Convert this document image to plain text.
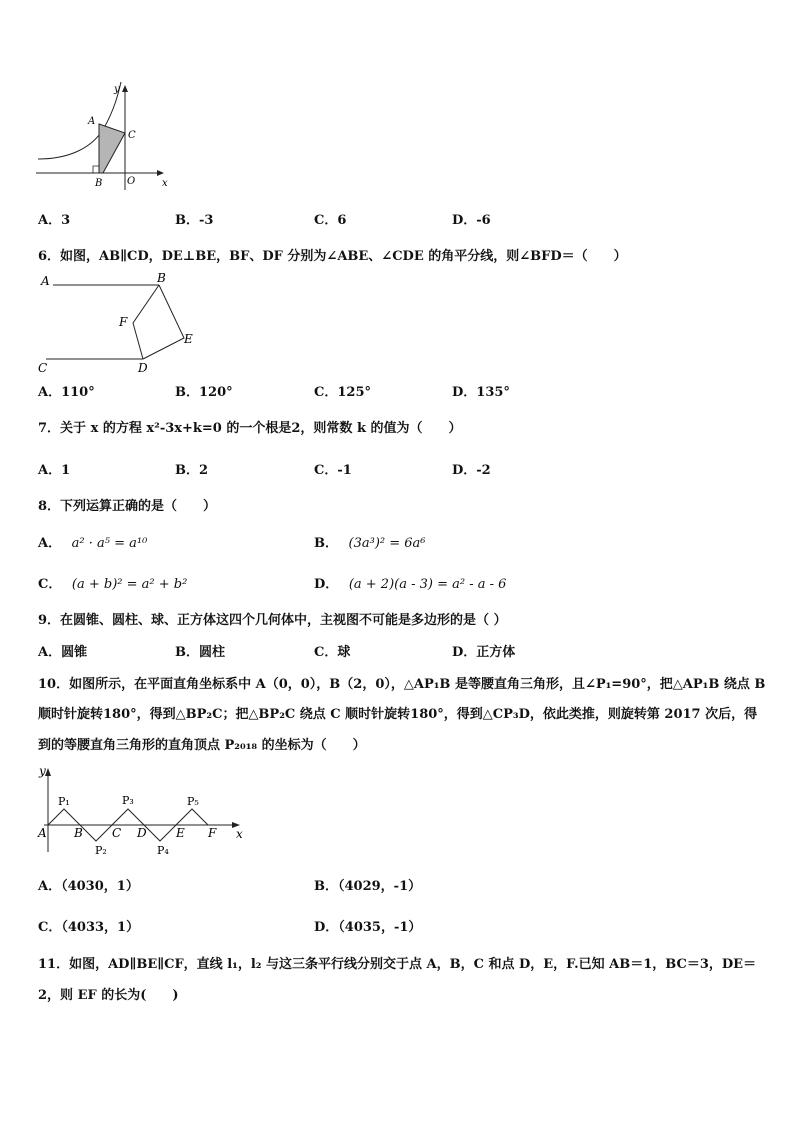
y
x
A
B
C
O
A．3	B．-3	C．6	D．-6
6．如图，AB∥CD，DE⊥BE，BF、DF 分别为∠ABE、∠CDE 的角平分线，则∠BFD＝（　　）
A	B
C	D
E
F
A．110°	B．120°	C．125°	D．135°
7．关于 x 的方程 x²-3x+k=0 的一个根是2，则常数 k 的值为（　　）
A．1	B．2	C．-1	D．-2
8．下列运算正确的是（　　）
A． a² · a⁵ = a¹⁰	B． (3a³)² = 6a⁶
C． (a + b)² = a² + b²	D． (a + 2)(a - 3) = a² - a - 6
9．在圆锥、圆柱、球、正方体这四个几何体中，主视图不可能是多边形的是（ ）
A．圆锥	B．圆柱	C．球	D．正方体
10．如图所示，在平面直角坐标系中 A（0，0），B（2，0），△AP₁B 是等腰直角三角形，且∠P₁=90°，把△AP₁B 绕点 B
顺时针旋转180°，得到△BP₂C；把△BP₂C 绕点 C 顺时针旋转180°，得到△CP₃D，依此类推，则旋转第 2017 次后，得
到的等腰直角三角形的直角顶点 P₂₀₁₈ 的坐标为（　　）
y
x
A B C D E F
P₁
P₂
P₃
P₄
P₅
A．（4030，1）	B．（4029，-1）
C．（4033，1）	D．（4035，-1）
11．如图，AD∥BE∥CF，直线 l₁，l₂ 与这三条平行线分别交于点 A，B，C 和点 D，E，F.已知 AB＝1，BC＝3，DE＝
2，则 EF 的长为(　　)
